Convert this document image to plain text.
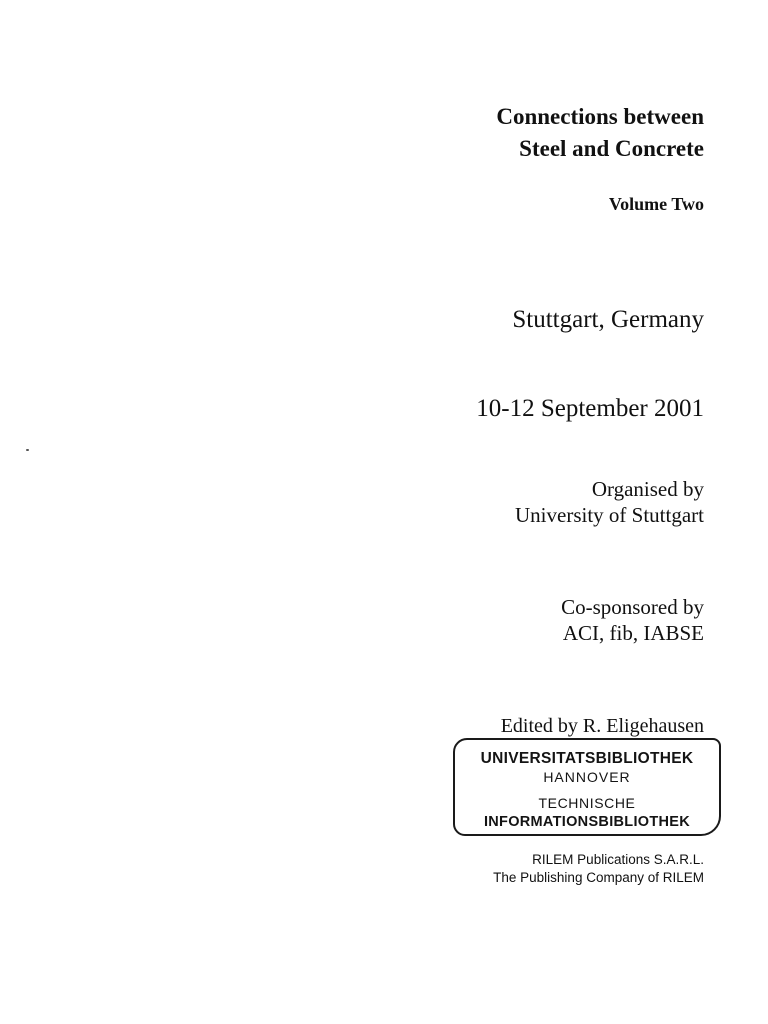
Connections between
Steel and Concrete
Volume Two
Stuttgart, Germany
10-12 September 2001
Organised by
University of Stuttgart
Co-sponsored by
ACI, fib, IABSE
Edited by R. Eligehausen
UNIVERSITATSBIBLIOTHEK
HANNOVER
TECHNISCHE
INFORMATIONSBIBLIOTHEK
RILEM Publications S.A.R.L.
The Publishing Company of RILEM
